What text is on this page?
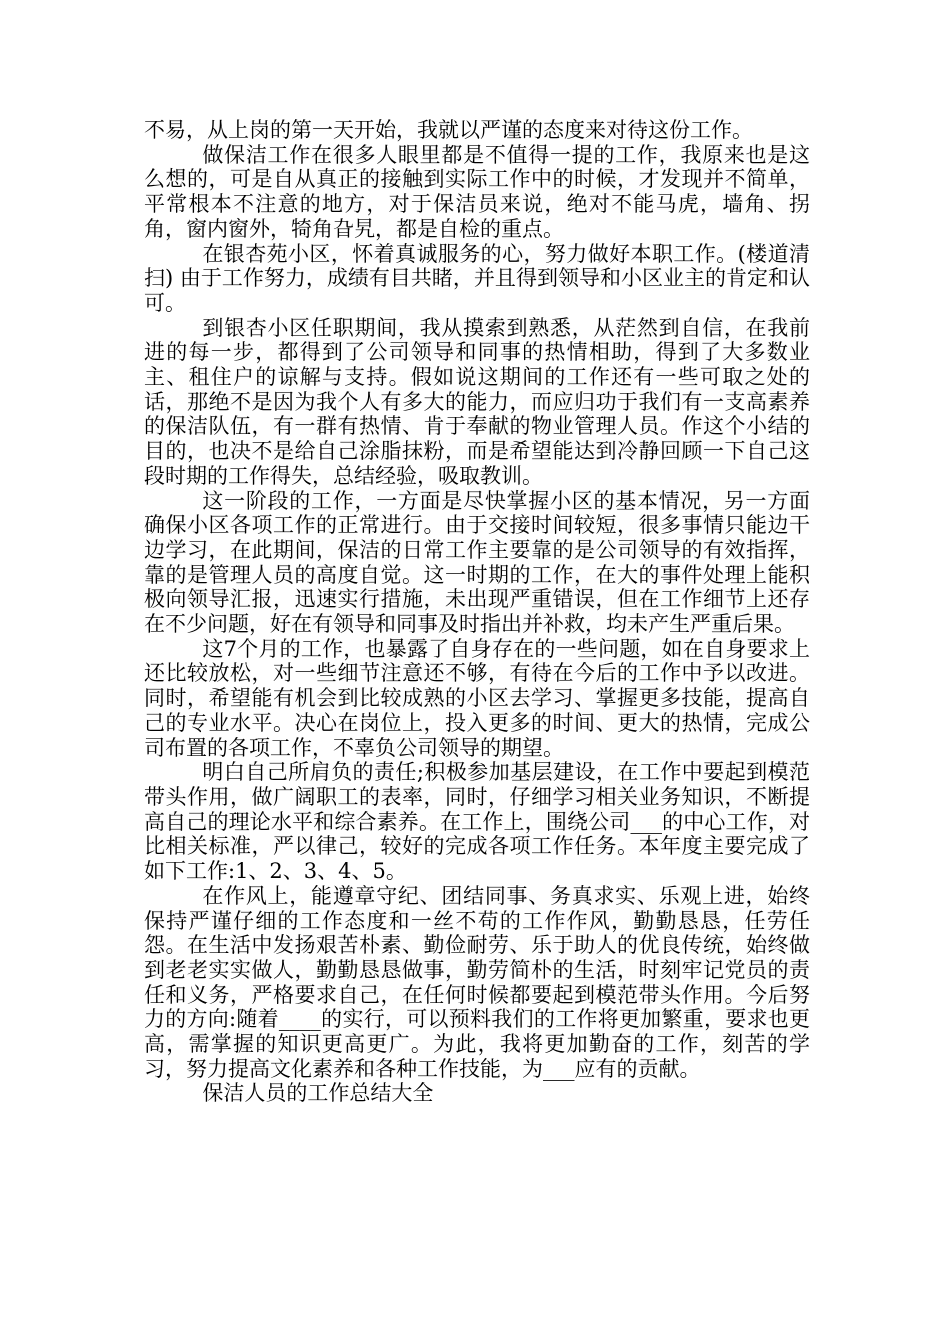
不易，从上岗的第一天开始，我就以严谨的态度来对待这份工作。

做保洁工作在很多人眼里都是不值得一提的工作，我原来也是这么想的，可是自从真正的接触到实际工作中的时候，才发现并不简单，平常根本不注意的地方，对于保洁员来说，绝对不能马虎，墙角、拐角，窗内窗外，犄角旮旯，都是自检的重点。

在银杏苑小区，怀着真诚服务的心，努力做好本职工作。(楼道清扫) 由于工作努力，成绩有目共睹，并且得到领导和小区业主的肯定和认可。

到银杏小区任职期间，我从摸索到熟悉，从茫然到自信，在我前进的每一步，都得到了公司领导和同事的热情相助，得到了大多数业主、租住户的谅解与支持。假如说这期间的工作还有一些可取之处的话，那绝不是因为我个人有多大的能力，而应归功于我们有一支高素养的保洁队伍，有一群有热情、肯于奉献的物业管理人员。作这个小结的目的，也决不是给自己涂脂抹粉，而是希望能达到冷静回顾一下自己这段时期的工作得失，总结经验，吸取教训。

这一阶段的工作，一方面是尽快掌握小区的基本情况，另一方面确保小区各项工作的正常进行。由于交接时间较短，很多事情只能边干边学习，在此期间，保洁的日常工作主要靠的是公司领导的有效指挥，靠的是管理人员的高度自觉。这一时期的工作，在大的事件处理上能积极向领导汇报，迅速实行措施，未出现严重错误，但在工作细节上还存在不少问题，好在有领导和同事及时指出并补救，均未产生严重后果。

这7个月的工作，也暴露了自身存在的一些问题，如在自身要求上还比较放松，对一些细节注意还不够，有待在今后的工作中予以改进。同时，希望能有机会到比较成熟的小区去学习、掌握更多技能，提高自己的专业水平。决心在岗位上，投入更多的时间、更大的热情，完成公司布置的各项工作，不辜负公司领导的期望。

明白自己所肩负的责任;积极参加基层建设，在工作中要起到模范带头作用，做广阔职工的表率，同时，仔细学习相关业务知识，不断提高自己的理论水平和综合素养。在工作上，围绕公司___的中心工作，对比相关标准，严以律己，较好的完成各项工作任务。本年度主要完成了如下工作:1、2、3、4、5。

在作风上，能遵章守纪、团结同事、务真求实、乐观上进，始终保持严谨仔细的工作态度和一丝不苟的工作作风，勤勤恳恳，任劳任怨。在生活中发扬艰苦朴素、勤俭耐劳、乐于助人的优良传统，始终做到老老实实做人，勤勤恳恳做事，勤劳简朴的生活，时刻牢记党员的责任和义务，严格要求自己，在任何时候都要起到模范带头作用。今后努力的方向:随着____的实行，可以预料我们的工作将更加繁重，要求也更高，需掌握的知识更高更广。为此，我将更加勤奋的工作，刻苦的学习，努力提高文化素养和各种工作技能，为___应有的贡献。

保洁人员的工作总结大全
